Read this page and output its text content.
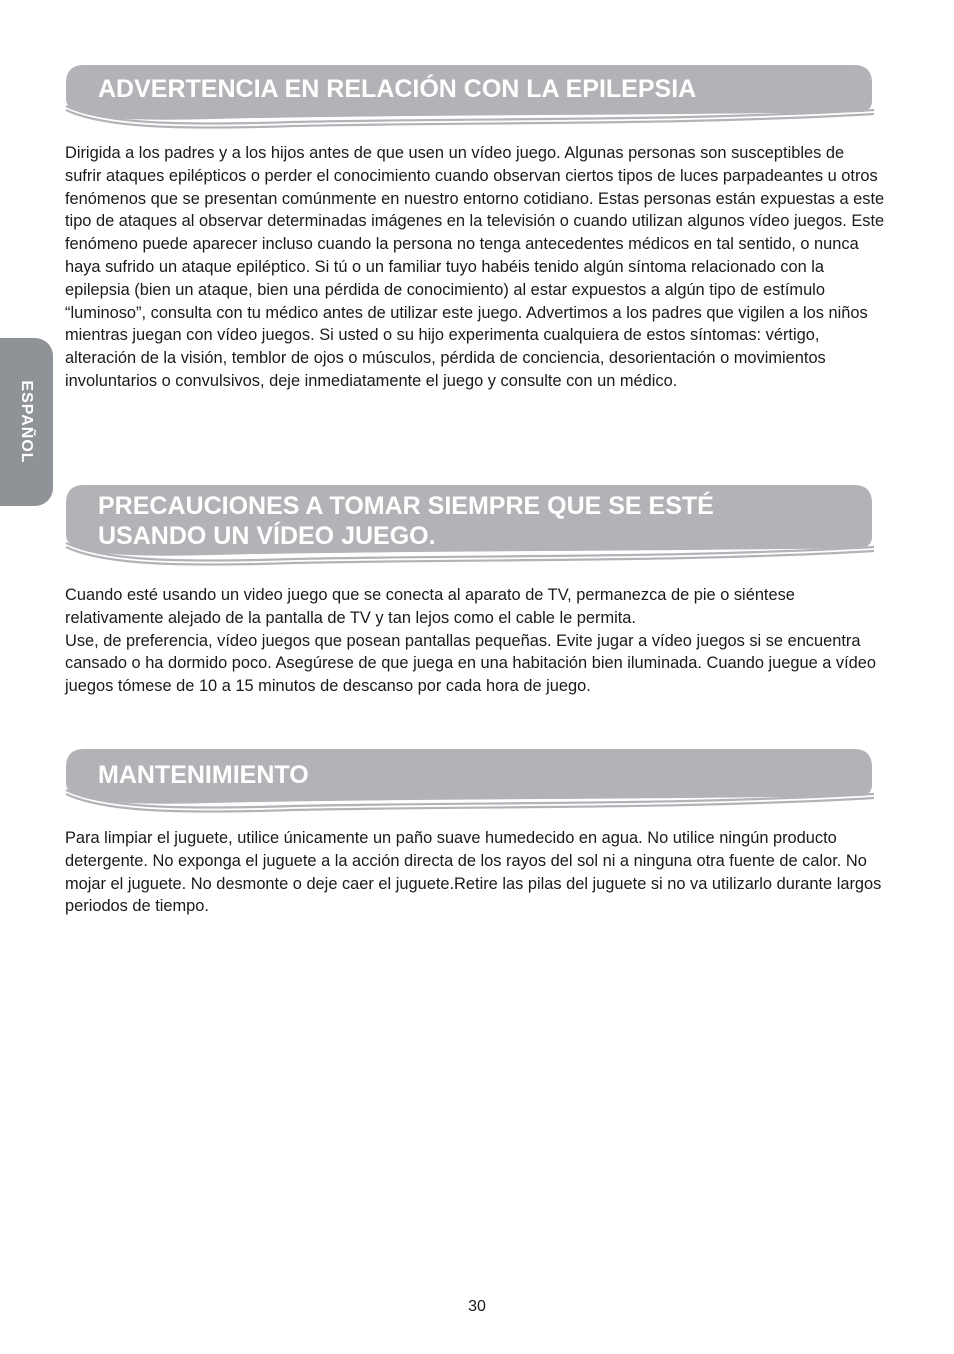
ESPAÑOL
ADVERTENCIA EN RELACIÓN CON LA EPILEPSIA

Dirigida a los padres y a los hijos antes de que usen un vídeo juego. Algunas personas son susceptibles de sufrir ataques epilépticos o perder el conocimiento cuando observan ciertos tipos de luces parpadeantes u otros fenómenos que se presentan comúnmente en nuestro entorno cotidiano. Estas personas están expuestas a este tipo de ataques al observar determinadas imágenes en la televisión o cuando utilizan algunos vídeo juegos. Este fenómeno puede aparecer incluso cuando la persona no tenga antecedentes médicos en tal sentido, o nunca haya sufrido un ataque epiléptico. Si tú o un familiar tuyo habéis tenido algún síntoma relacionado con la epilepsia (bien un ataque, bien una pérdida de conocimiento) al estar expuestos a algún tipo de estímulo “luminoso”, consulta con tu médico antes de utilizar este juego. Advertimos a los padres que vigilen a los niños mientras juegan con vídeo juegos. Si usted o su hijo experimenta cualquiera de estos síntomas: vértigo, alteración de la visión, temblor de ojos o músculos, pérdida de conciencia, desorientación o movimientos involuntarios o convulsivos, deje inmediatamente el juego y consulte con un médico.

PRECAUCIONES A TOMAR SIEMPRE QUE SE ESTÉ
USANDO UN VÍDEO JUEGO.

Cuando esté usando un video juego que se conecta al aparato de TV, permanezca de pie o siéntese relativamente alejado de la pantalla de TV y tan lejos como el cable le permita.

Use, de preferencia, vídeo juegos que posean pantallas pequeñas. Evite jugar a vídeo juegos si se encuentra cansado o ha dormido poco. Asegúrese de que juega en una habitación bien iluminada. Cuando juegue a vídeo juegos tómese de 10 a 15 minutos de descanso por cada hora de juego.

MANTENIMIENTO

Para limpiar el juguete, utilice únicamente un paño suave humedecido en agua. No utilice ningún producto detergente. No exponga el juguete a la acción directa de los rayos del sol ni a ninguna otra fuente de calor. No mojar el juguete. No desmonte o deje caer el juguete.Retire las pilas del juguete si no va utilizarlo durante largos periodos de tiempo.

30
